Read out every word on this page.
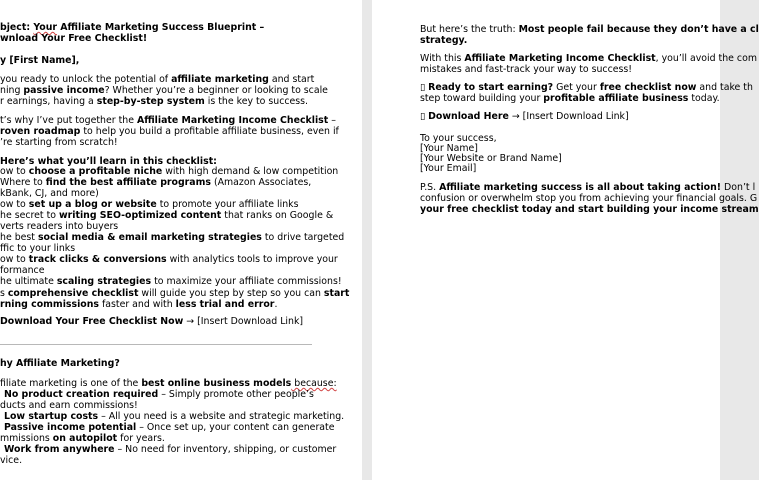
bject: Your Affiliate Marketing Success Blueprint –
wnload Your Free Checklist!
y [First Name],
you ready to unlock the potential of affiliate marketing and start
ning passive income? Whether you’re a beginner or looking to scale
r earnings, having a step-by-step system is the key to success.
t’s why I’ve put together the Affiliate Marketing Income Checklist –
roven roadmap to help you build a profitable affiliate business, even if
’re starting from scratch!
Here’s what you’ll learn in this checklist:
ow to choose a profitable niche with high demand & low competition
Where to find the best affiliate programs (Amazon Associates,
kBank, CJ, and more)
ow to set up a blog or website to promote your affiliate links
he secret to writing SEO-optimized content that ranks on Google &
verts readers into buyers
he best social media & email marketing strategies to drive targeted
ffic to your links
ow to track clicks & conversions with analytics tools to improve your
formance
he ultimate scaling strategies to maximize your affiliate commissions!
s comprehensive checklist will guide you step by step so you can start
rning commissions faster and with less trial and error.
Download Your Free Checklist Now → [Insert Download Link]
hy Affiliate Marketing?
filiate marketing is one of the best online business models because:
No product creation required – Simply promote other people’s
ducts and earn commissions!
Low startup costs – All you need is a website and strategic marketing.
Passive income potential – Once set up, your content can generate
mmissions on autopilot for years.
Work from anywhere – No need for inventory, shipping, or customer
vice.
But here’s the truth: Most people fail because they don’t have a cl
strategy.
With this Affiliate Marketing Income Checklist, you’ll avoid the com
mistakes and fast-track your way to success!
▯ Ready to start earning? Get your free checklist now and take th
step toward building your profitable affiliate business today.
▯ Download Here → [Insert Download Link]
To your success,
[Your Name]
[Your Website or Brand Name]
[Your Email]
P.S. Affiliate marketing success is all about taking action! Don’t l
confusion or overwhelm stop you from achieving your financial goals. G
your free checklist today and start building your income stream
